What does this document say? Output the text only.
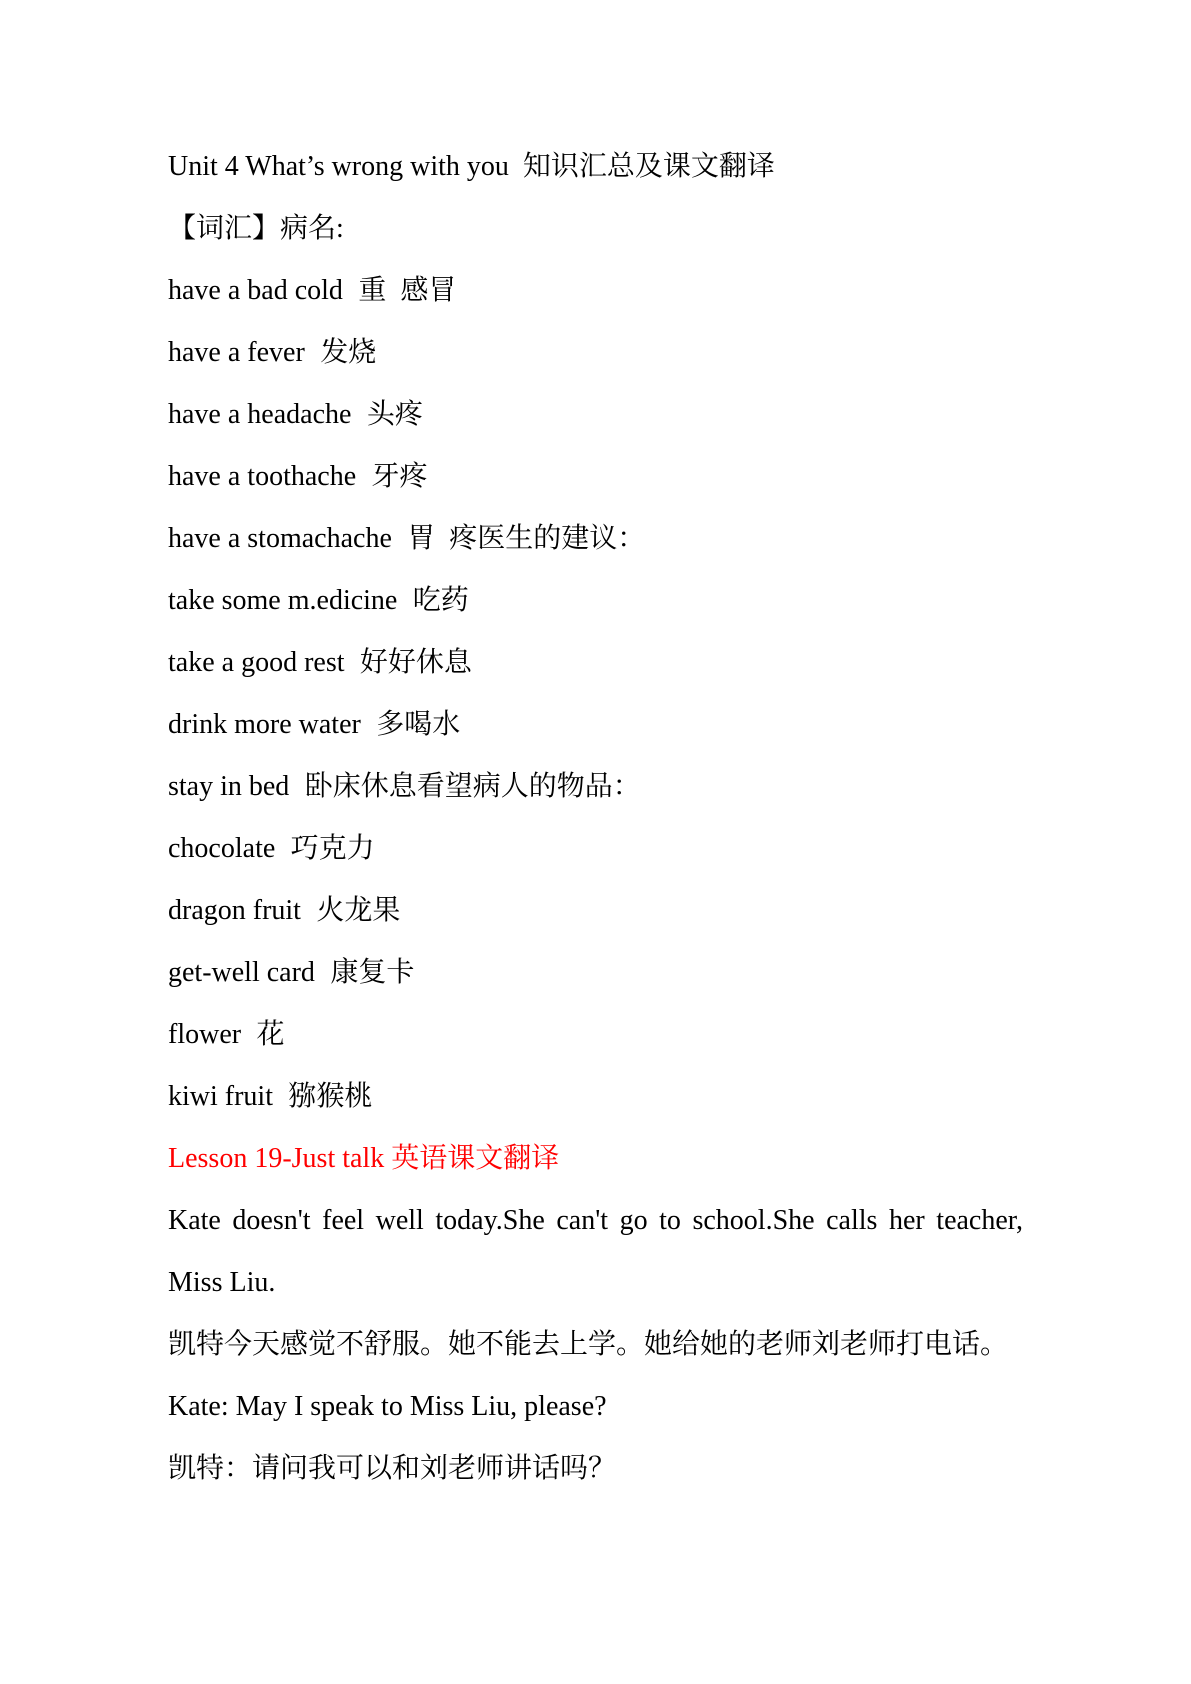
Unit 4 What’s wrong with you  知识汇总及课文翻译

【词汇】病名:

have a bad cold 重  感冒

have a fever 发烧

have a headache 头疼

have a toothache 牙疼

have a stomachache 胃  疼医生的建议：

take some m.edicine 吃药

take a good rest 好好休息

drink more water 多喝水

stay in bed 卧床休息看望病人的物品：

chocolate 巧克力

dragon fruit 火龙果

get-well card 康复卡

flower 花

kiwi fruit 猕猴桃

Lesson 19-Just talk 英语课文翻译

Kate doesn't feel well today.She can't go to school.She calls her teacher,

Miss Liu.

凯特今天感觉不舒服。她不能去上学。她给她的老师刘老师打电话。

Kate: May I speak to Miss Liu, please?

凯特：请问我可以和刘老师讲话吗？
